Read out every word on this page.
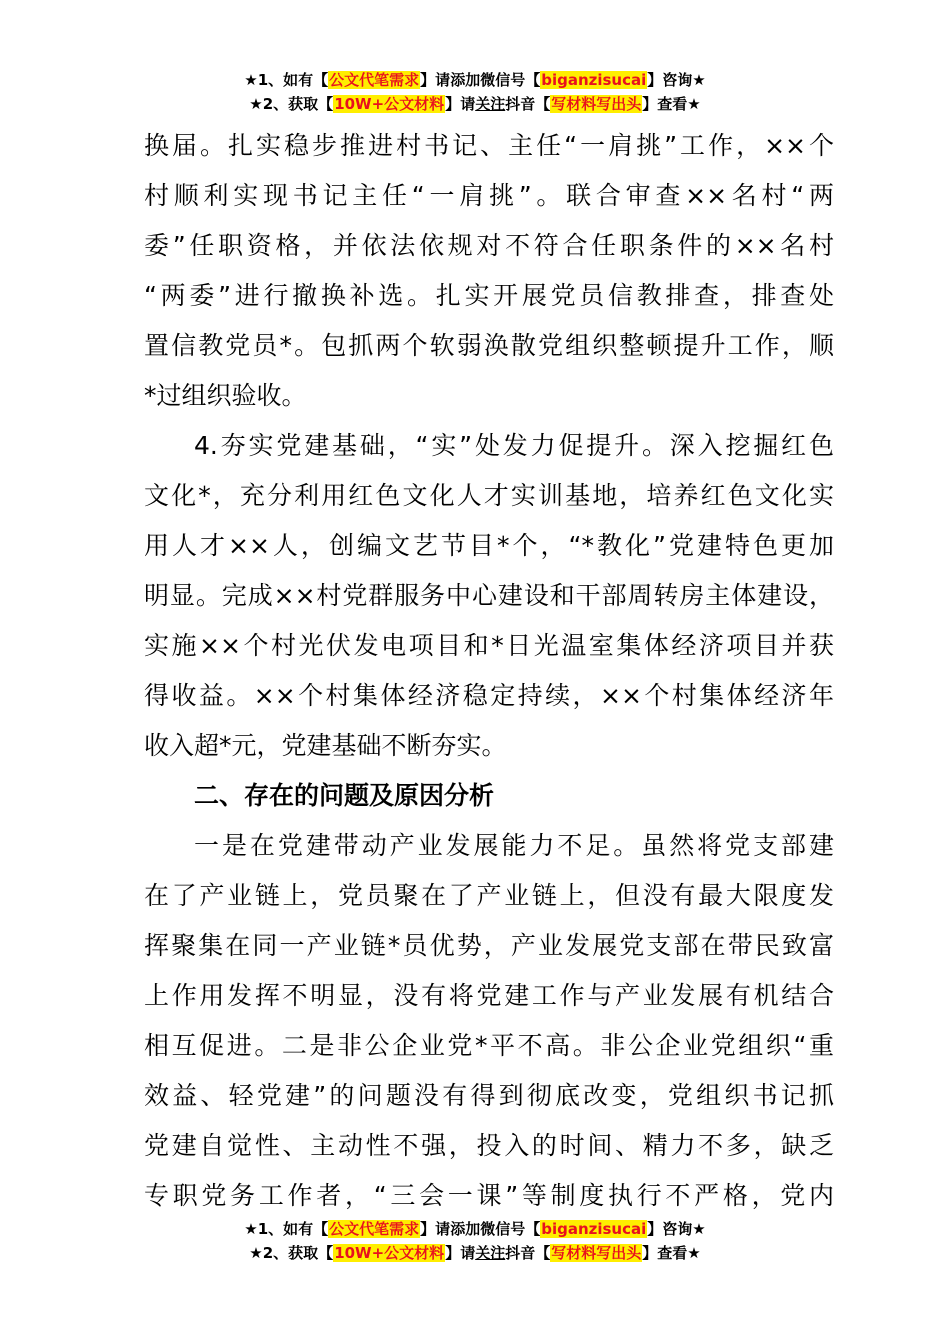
★1、如有【公文代笔需求】请添加微信号【biganzisucai】咨询★
★2、获取【10W+公文材料】请关注抖音【写材料写出头】查看★
换届。扎实稳步推进村书记、主任“一肩挑”工作，××个
村顺利实现书记主任“一肩挑”。联合审查××名村“两
委”任职资格，并依法依规对不符合任职条件的××名村
“两委”进行撤换补选。扎实开展党员信教排查，排查处
置信教党员*。包抓两个软弱涣散党组织整顿提升工作，顺
*过组织验收。
4.夯实党建基础，“实”处发力促提升。深入挖掘红色
文化*，充分利用红色文化人才实训基地，培养红色文化实
用人才××人，创编文艺节目*个，“*教化”党建特色更加
明显。完成××村党群服务中心建设和干部周转房主体建设，
实施××个村光伏发电项目和*日光温室集体经济项目并获
得收益。××个村集体经济稳定持续，××个村集体经济年
收入超*元，党建基础不断夯实。
二、存在的问题及原因分析
一是在党建带动产业发展能力不足。虽然将党支部建
在了产业链上，党员聚在了产业链上，但没有最大限度发
挥聚集在同一产业链*员优势，产业发展党支部在带民致富
上作用发挥不明显，没有将党建工作与产业发展有机结合
相互促进。二是非公企业党*平不高。非公企业党组织“重
效益、轻党建”的问题没有得到彻底改变，党组织书记抓
党建自觉性、主动性不强，投入的时间、精力不多，缺乏
专职党务工作者，“三会一课”等制度执行不严格，党内
★1、如有【公文代笔需求】请添加微信号【biganzisucai】咨询★
★2、获取【10W+公文材料】请关注抖音【写材料写出头】查看★
